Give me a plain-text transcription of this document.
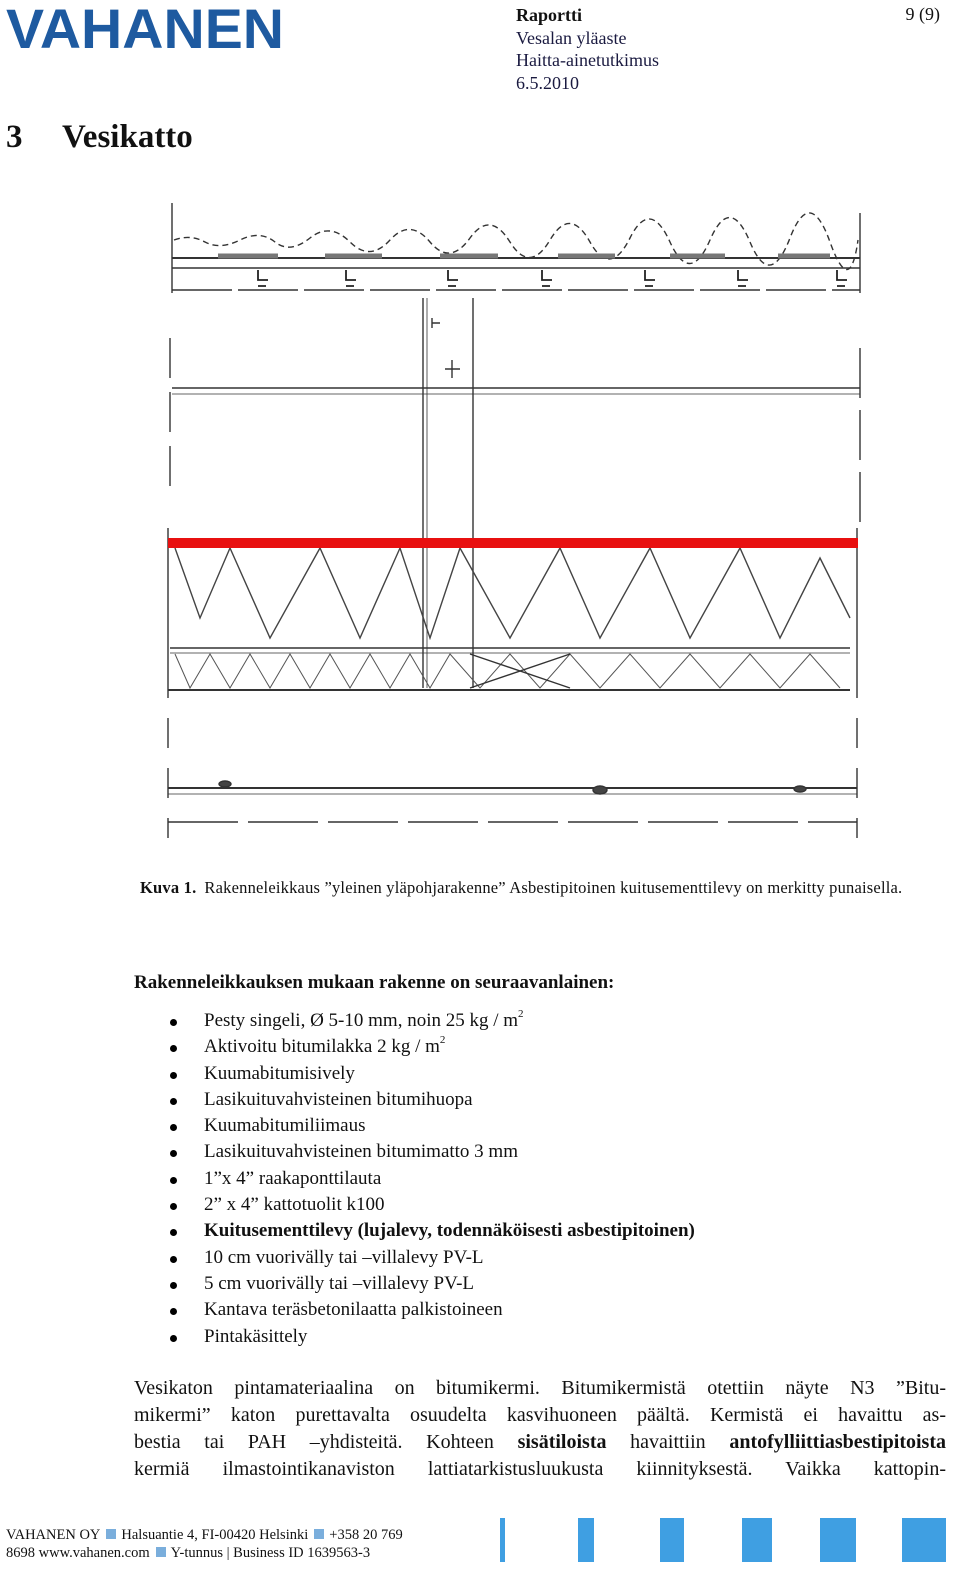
VAHANEN	Raportti
Vesalan yläaste
Haitta-ainetutkimus
6.5.2010
9 (9)
3 Vesikatto
Kuva 1. Rakenneleikkaus ”yleinen yläpohjarakenne” Asbestipitoinen kuitusementtilevy on merkitty punaisella.
Rakenneleikkauksen mukaan rakenne on seuraavanlainen:
Pesty singeli, Ø 5-10 mm, noin 25 kg / $m^2$
Aktivoitu bitumilakka 2 kg / $m^2$
Kuumabitumisively
Lasikuituvahvisteinen bitumihuopa
Kuumabitumiliimaus
Lasikuituvahvisteinen bitumimatto 3 mm
1”x 4” raakaponttilauta
2” x 4” kattotuolit k100
Kuitusementtilevy (lujalevy, todennäköisesti asbestipitoinen)
10 cm vuorivälly tai –villalevy PV-L
5 cm vuorivälly tai –villalevy PV-L
Kantava teräsbetonilaatta palkistoineen
Pintakäsittely
Vesikaton pintamateriaalina on bitumikermi. Bitumikermistä otettiin näyte N3 ”Bitu-
mikermi” katon purettavalta osuudelta kasvihuoneen päältä. Kermistä ei havaittu as-
bestia tai PAH –yhdisteitä. Kohteen sisätiloista havaittiin antofylliittiasbestipitoista
kermiä ilmastointikanaviston lattiatarkistusluukusta kiinnityksestä. Vaikka kattopin-
VAHANEN OY Halsuantie 4, FI-00420 Helsinki +358 20 769
8698 www.vahanen.com Y-tunnus | Business ID 1639563-3
